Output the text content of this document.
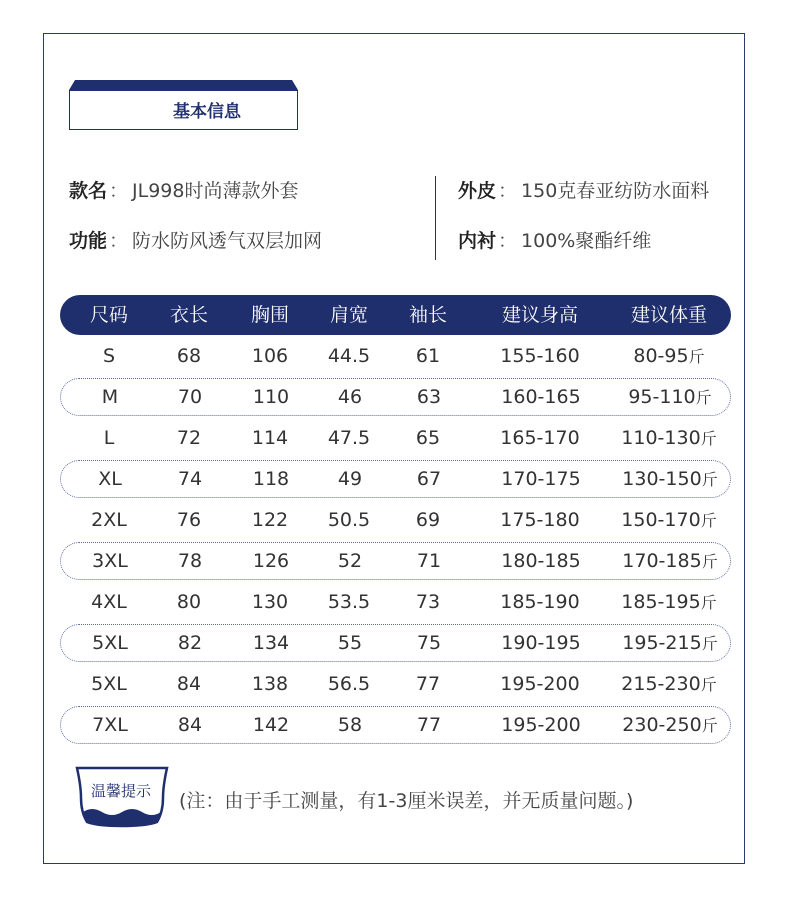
基本信息
款名 ： JL998时尚薄款外套
功能 ： 防水防风透气双层加网
外皮 ： 150克春亚纺防水面料
内衬 ： 100%聚酯纤维
尺码	衣长	胸围	肩宽	袖长	建议身高	建议体重
S	68	106	44.5	61	155-160	80-95斤
M	70	110	46	63	160-165	95-110斤
L	72	114	47.5	65	165-170	110-130斤
XL	74	118	49	67	170-175	130-150斤
2XL	76	122	50.5	69	175-180	150-170斤
3XL	78	126	52	71	180-185	170-185斤
4XL	80	130	53.5	73	185-190	185-195斤
5XL	82	134	55	75	190-195	195-215斤
5XL	84	138	56.5	77	195-200	215-230斤
7XL	84	142	58	77	195-200	230-250斤
温馨提示	(注：由于手工测量，有1-3厘米误差，并无质量问题。)
